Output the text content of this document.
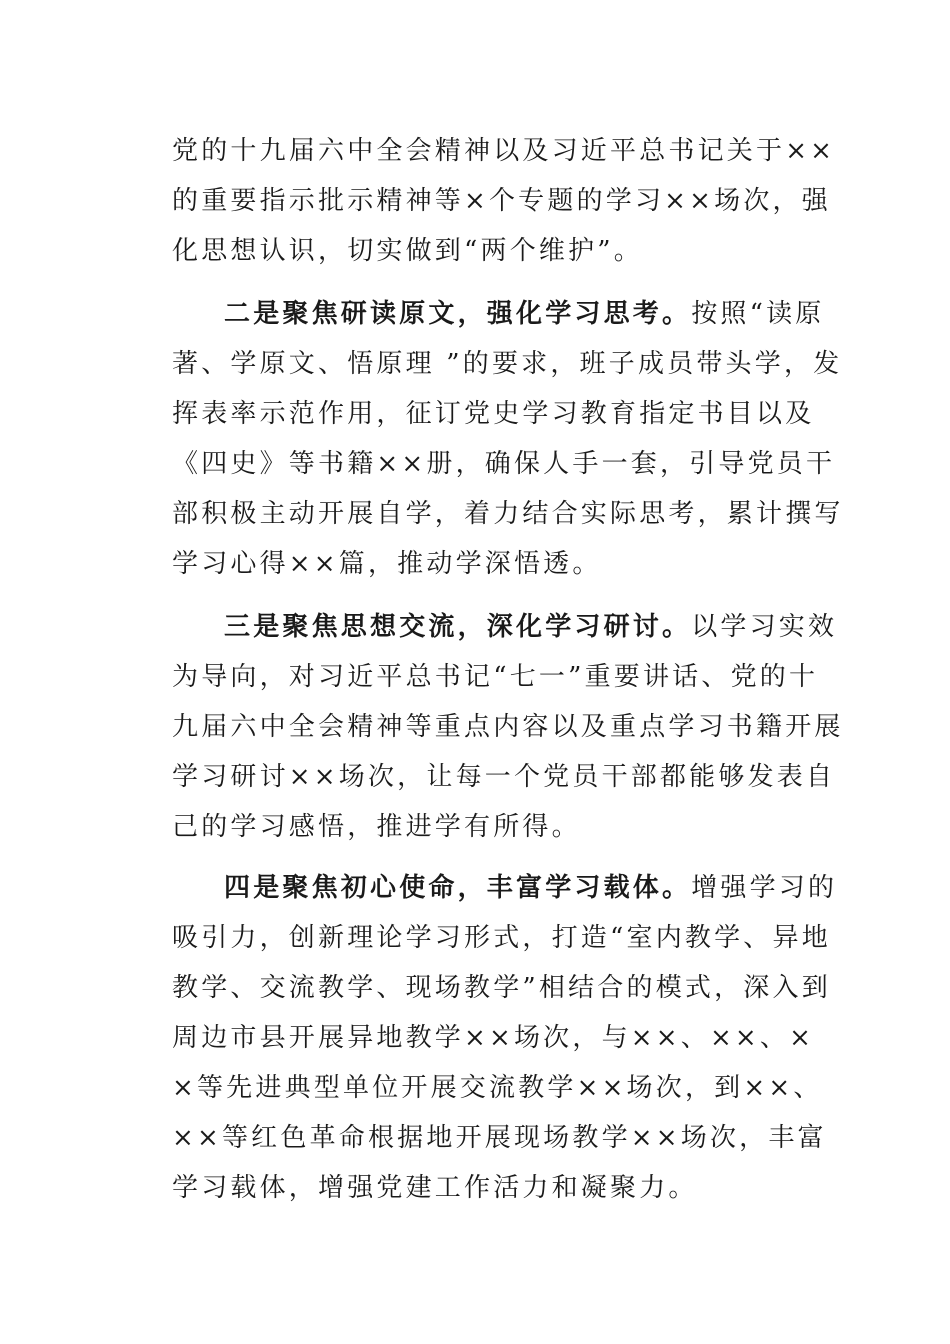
党的十九届六中全会精神以及习近平总书记关于××
的重要指示批示精神等×个专题的学习××场次，强
化思想认识，切实做到“两个维护”。
二是聚焦研读原文，强化学习思考。按照“读原
著、学原文、悟原理 ”的要求，班子成员带头学，发
挥表率示范作用，征订党史学习教育指定书目以及
《四史》等书籍××册，确保人手一套，引导党员干
部积极主动开展自学，着力结合实际思考，累计撰写
学习心得××篇，推动学深悟透。
三是聚焦思想交流，深化学习研讨。以学习实效
为导向，对习近平总书记“七一”重要讲话、党的十
九届六中全会精神等重点内容以及重点学习书籍开展
学习研讨××场次，让每一个党员干部都能够发表自
己的学习感悟，推进学有所得。
四是聚焦初心使命，丰富学习载体。增强学习的
吸引力，创新理论学习形式，打造“室内教学、异地
教学、交流教学、现场教学”相结合的模式，深入到
周边市县开展异地教学××场次，与××、××、×
×等先进典型单位开展交流教学××场次，到××、
××等红色革命根据地开展现场教学××场次，丰富
学习载体，增强党建工作活力和凝聚力。
